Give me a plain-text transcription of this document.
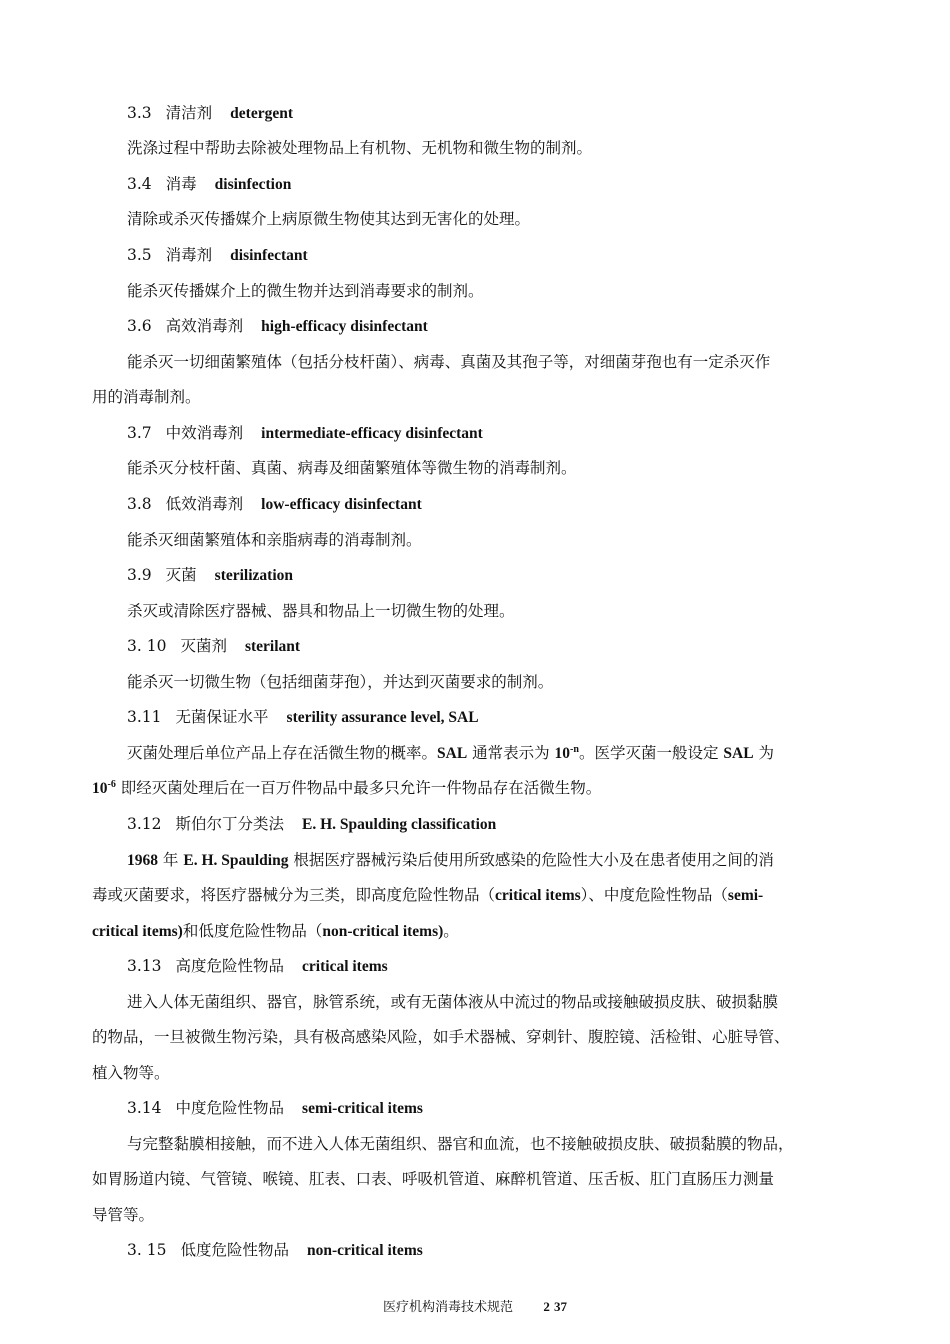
3.3 清洁剂 detergent
洗涤过程中帮助去除被处理物品上有机物、无机物和微生物的制剂。
3.4 消毒 disinfection
清除或杀灭传播媒介上病原微生物使其达到无害化的处理。
3.5 消毒剂 disinfectant
能杀灭传播媒介上的微生物并达到消毒要求的制剂。
3.6 高效消毒剂 high-efficacy disinfectant
能杀灭一切细菌繁殖体（包括分枝杆菌）、病毒、真菌及其孢子等，对细菌芽孢也有一定杀灭作
用的消毒制剂。
3.7 中效消毒剂 intermediate-efficacy disinfectant
能杀灭分枝杆菌、真菌、病毒及细菌繁殖体等微生物的消毒制剂。
3.8 低效消毒剂 low-efficacy disinfectant
能杀灭细菌繁殖体和亲脂病毒的消毒制剂。
3.9 灭菌 sterilization
杀灭或清除医疗器械、器具和物品上一切微生物的处理。
3. 10 灭菌剂 sterilant
能杀灭一切微生物（包括细菌芽孢），并达到灭菌要求的制剂。
3.11 无菌保证水平 sterility assurance level, SAL
灭菌处理后单位产品上存在活微生物的概率。SAL 通常表示为 $10^{-n}$。医学灭菌一般设定 SAL 为
$10^{-6}$ 即经灭菌处理后在一百万件物品中最多只允许一件物品存在活微生物。
3.12 斯伯尔丁分类法 E. H. Spaulding classification
1968 年 E. H. Spaulding 根据医疗器械污染后使用所致感染的危险性大小及在患者使用之间的消
毒或灭菌要求，将医疗器械分为三类，即高度危险性物品（critical items）、中度危险性物品（semi-
critical items)和低度危险性物品（non-critical items)。
3.13 高度危险性物品 critical items
进入人体无菌组织、器官，脉管系统，或有无菌体液从中流过的物品或接触破损皮肤、破损黏膜
的物品，一旦被微生物污染，具有极高感染风险，如手术器械、穿刺针、腹腔镜、活检钳、心脏导管、
植入物等。
3.14 中度危险性物品 semi-critical items
与完整黏膜相接触，而不进入人体无菌组织、器官和血流，也不接触破损皮肤、破损黏膜的物品，
如胃肠道内镜、气管镜、喉镜、肛表、口表、呼吸机管道、麻醉机管道、压舌板、肛门直肠压力测量
导管等。
3. 15 低度危险性物品 non-critical items
医疗机构消毒技术规范 2 37
